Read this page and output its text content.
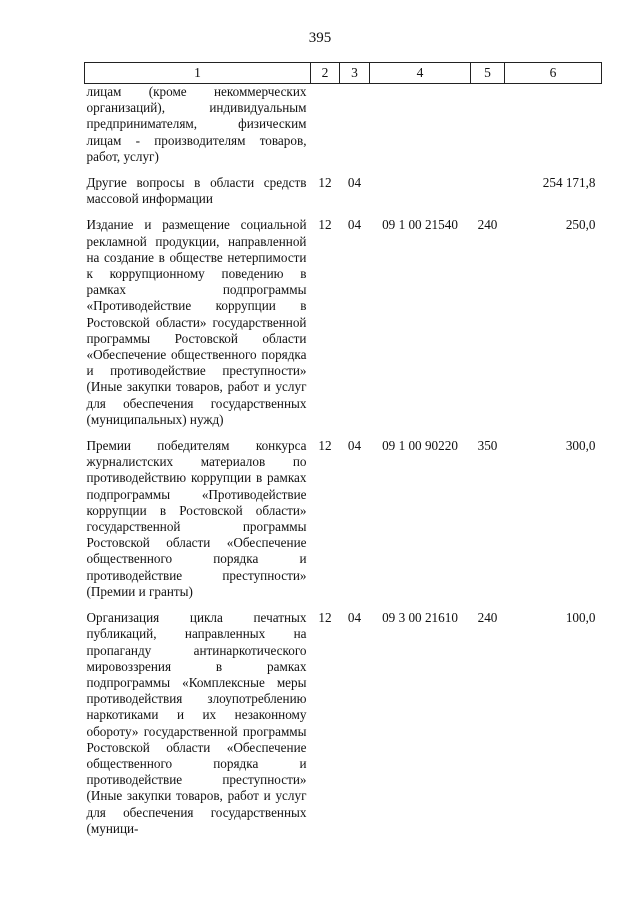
395
1	2	3	4	5	6
лицам (кроме некоммерческих организаций), индивидуальным предпринимателям, физическим лицам - производителям товаров, работ, услуг)					
Другие вопросы в области средств массовой информации	12	04			254 171,8
Издание и размещение социальной рекламной продукции, направленной на создание в обществе нетерпимости к коррупционному поведению в рамках подпрограммы «Противодействие коррупции в Ростовской области» государственной программы Ростовской области «Обеспечение общественного порядка и противодействие преступности» (Иные закупки товаров, работ и услуг для обеспечения государственных (муниципальных) нужд)	12	04	09 1 00 21540	240	250,0
Премии победителям конкурса журналистских материалов по противодействию коррупции в рамках подпрограммы «Противодействие коррупции в Ростовской области» государственной программы Ростовской области «Обеспечение общественного порядка и противодействие преступности» (Премии и гранты)	12	04	09 1 00 90220	350	300,0
Организация цикла печатных публикаций, направленных на пропаганду антинаркотического мировоззрения в рамках подпрограммы «Комплексные меры противодействия злоупотреблению наркотиками и их незаконному обороту» государственной программы Ростовской области «Обеспечение общественного порядка и противодействие преступности» (Иные закупки товаров, работ и услуг для обеспечения государственных (муници-	12	04	09 3 00 21610	240	100,0
